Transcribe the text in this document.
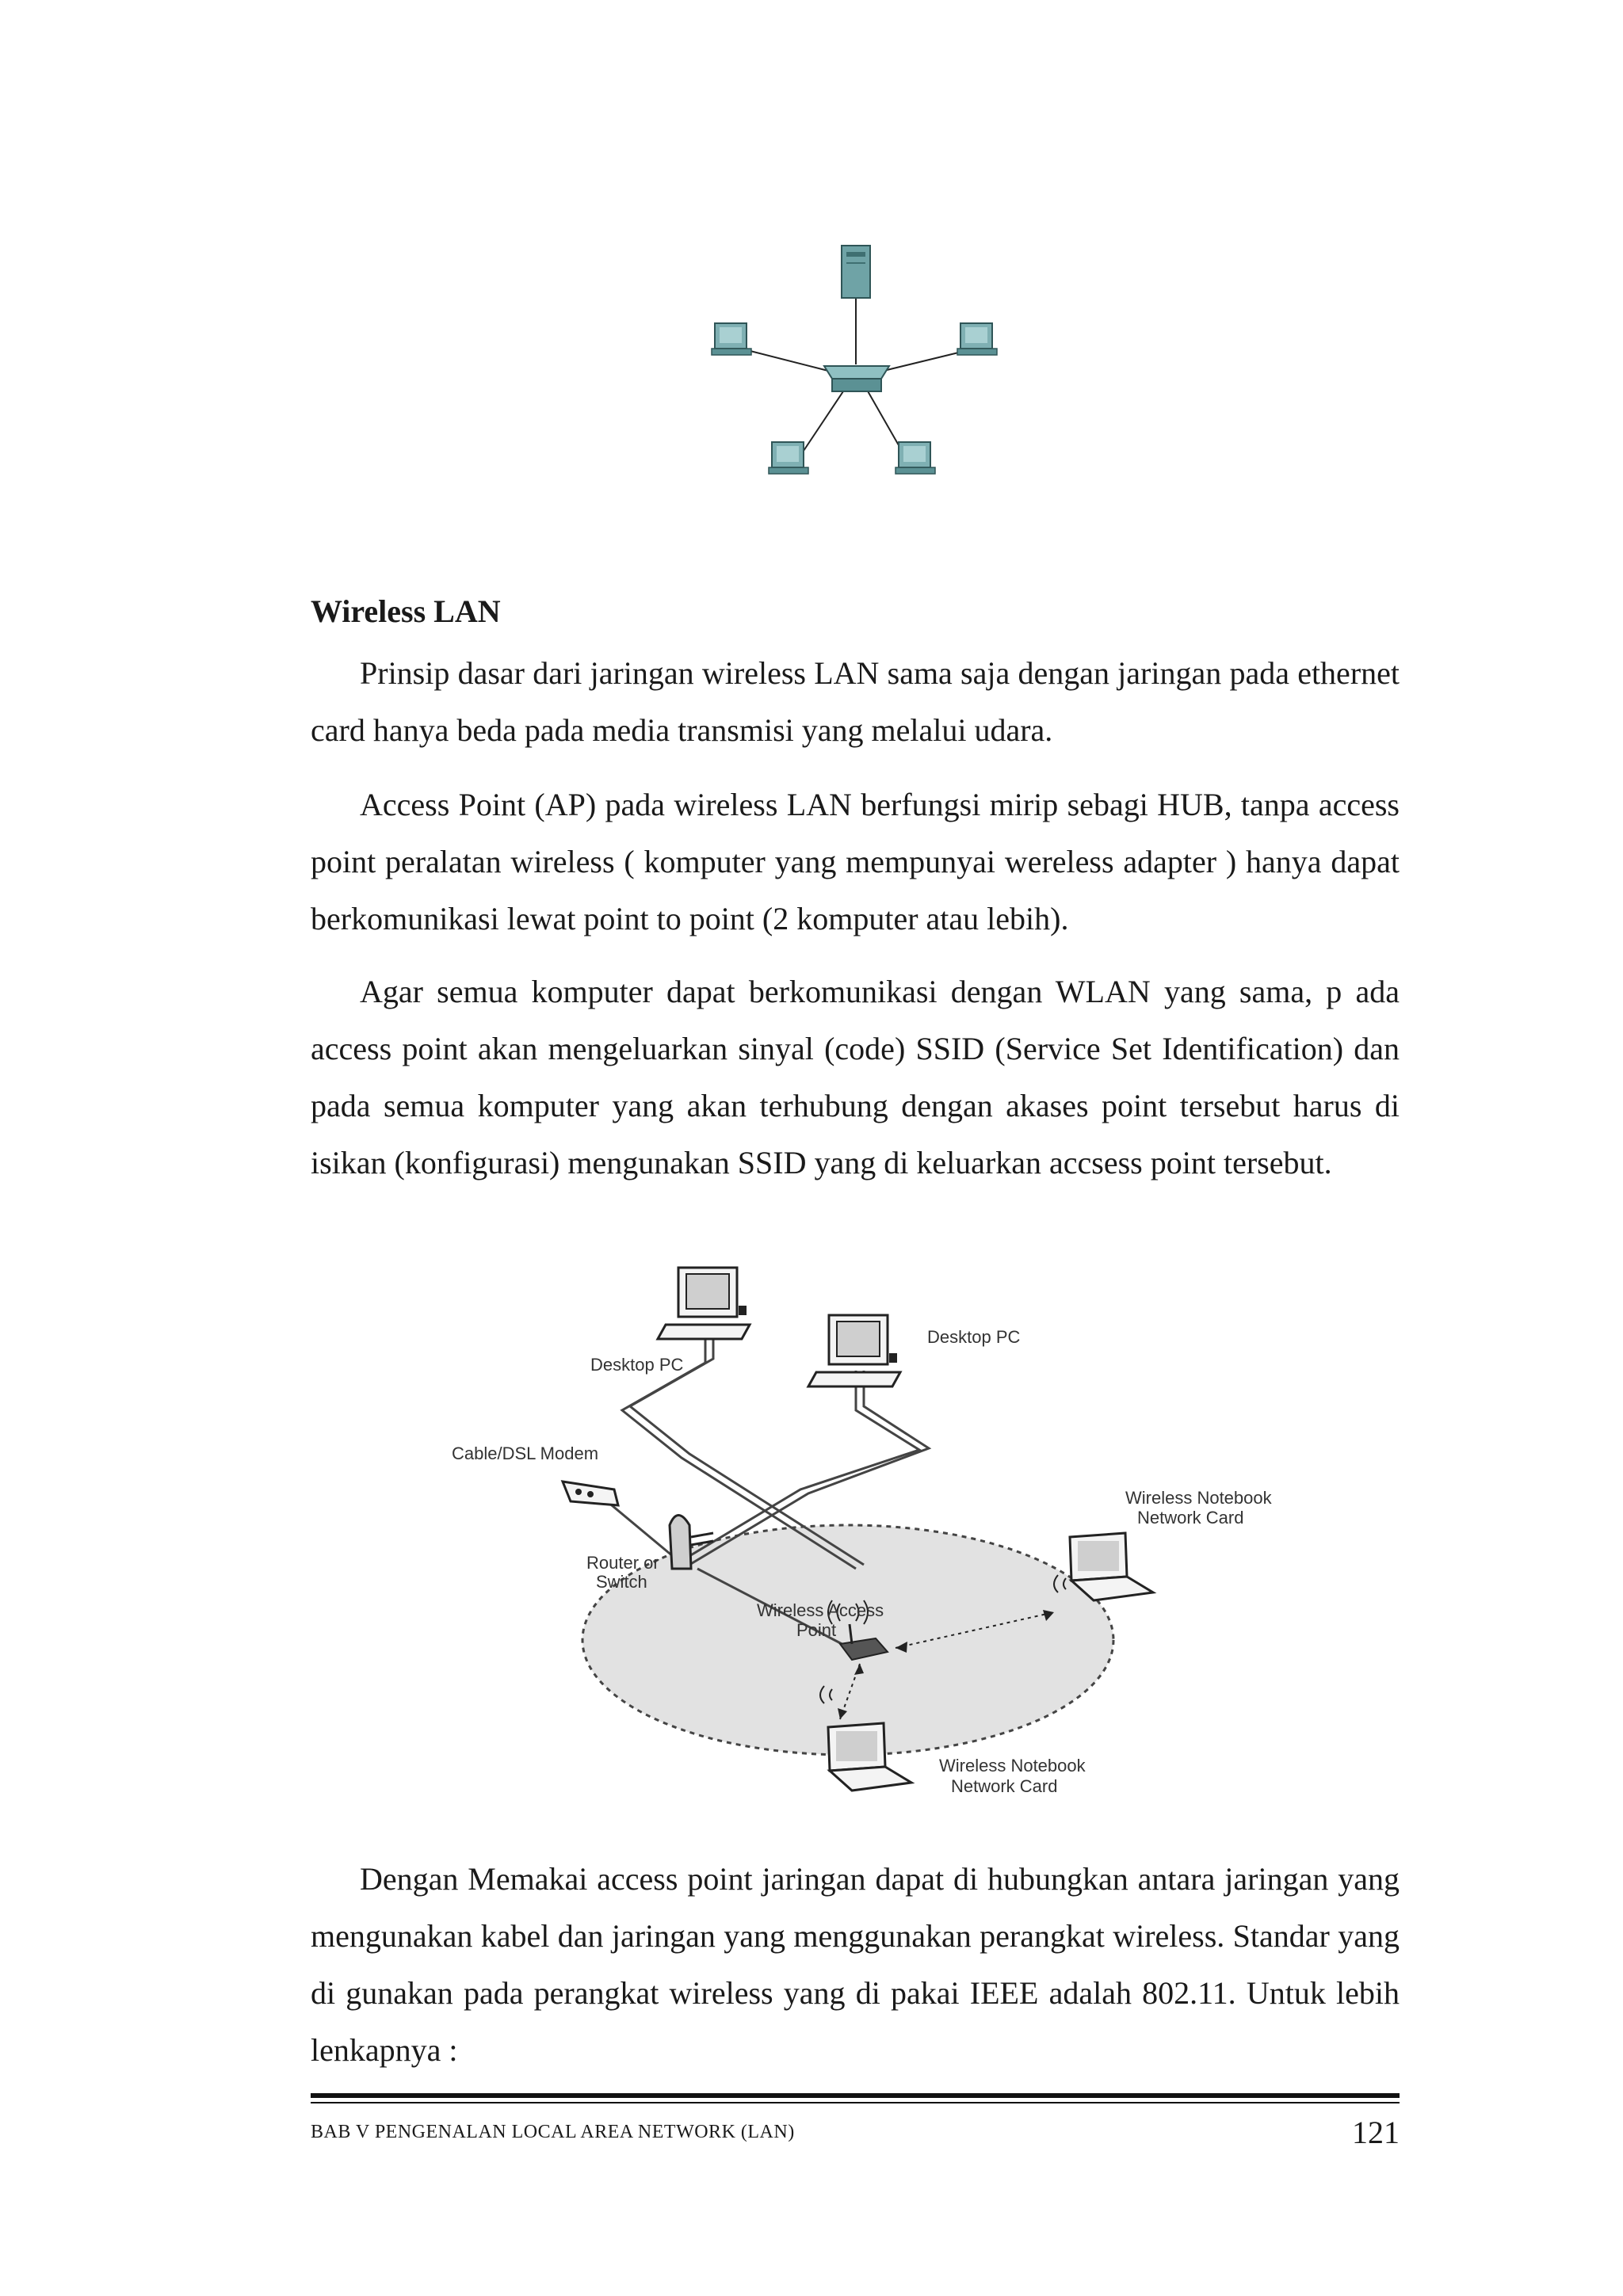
Wireless LAN

Prinsip dasar dari jaringan wireless LAN sama saja dengan jaringan pada ethernet card hanya beda pada media transmisi yang melalui udara.

Access Point (AP) pada wireless LAN berfungsi mirip sebagi HUB, tanpa access point peralatan wireless ( komputer yang mempunyai wereless adapter ) hanya dapat berkomunikasi lewat point to point (2 komputer atau lebih).

Agar semua komputer dapat berkomunikasi dengan WLAN yang sama, p ada access point akan mengeluarkan sinyal (code) SSID (Service Set Identification) dan pada semua komputer yang akan terhubung dengan akases point tersebut harus di isikan (konfigurasi) mengunakan SSID yang di keluarkan accsess point tersebut.

Desktop PC
Desktop PC
Cable/DSL Modem
Router or
Switch
Wireless Access
Point
Wireless Notebook
Network Card
Wireless Notebook
Network Card

Dengan Memakai access point jaringan dapat di hubungkan antara jaringan yang mengunakan kabel dan jaringan yang menggunakan perangkat wireless. Standar yang di gunakan pada perangkat wireless yang di pakai IEEE adalah 802.11. Untuk lebih lenkapnya :

BAB V PENGENALAN LOCAL AREA NETWORK (LAN)	121
